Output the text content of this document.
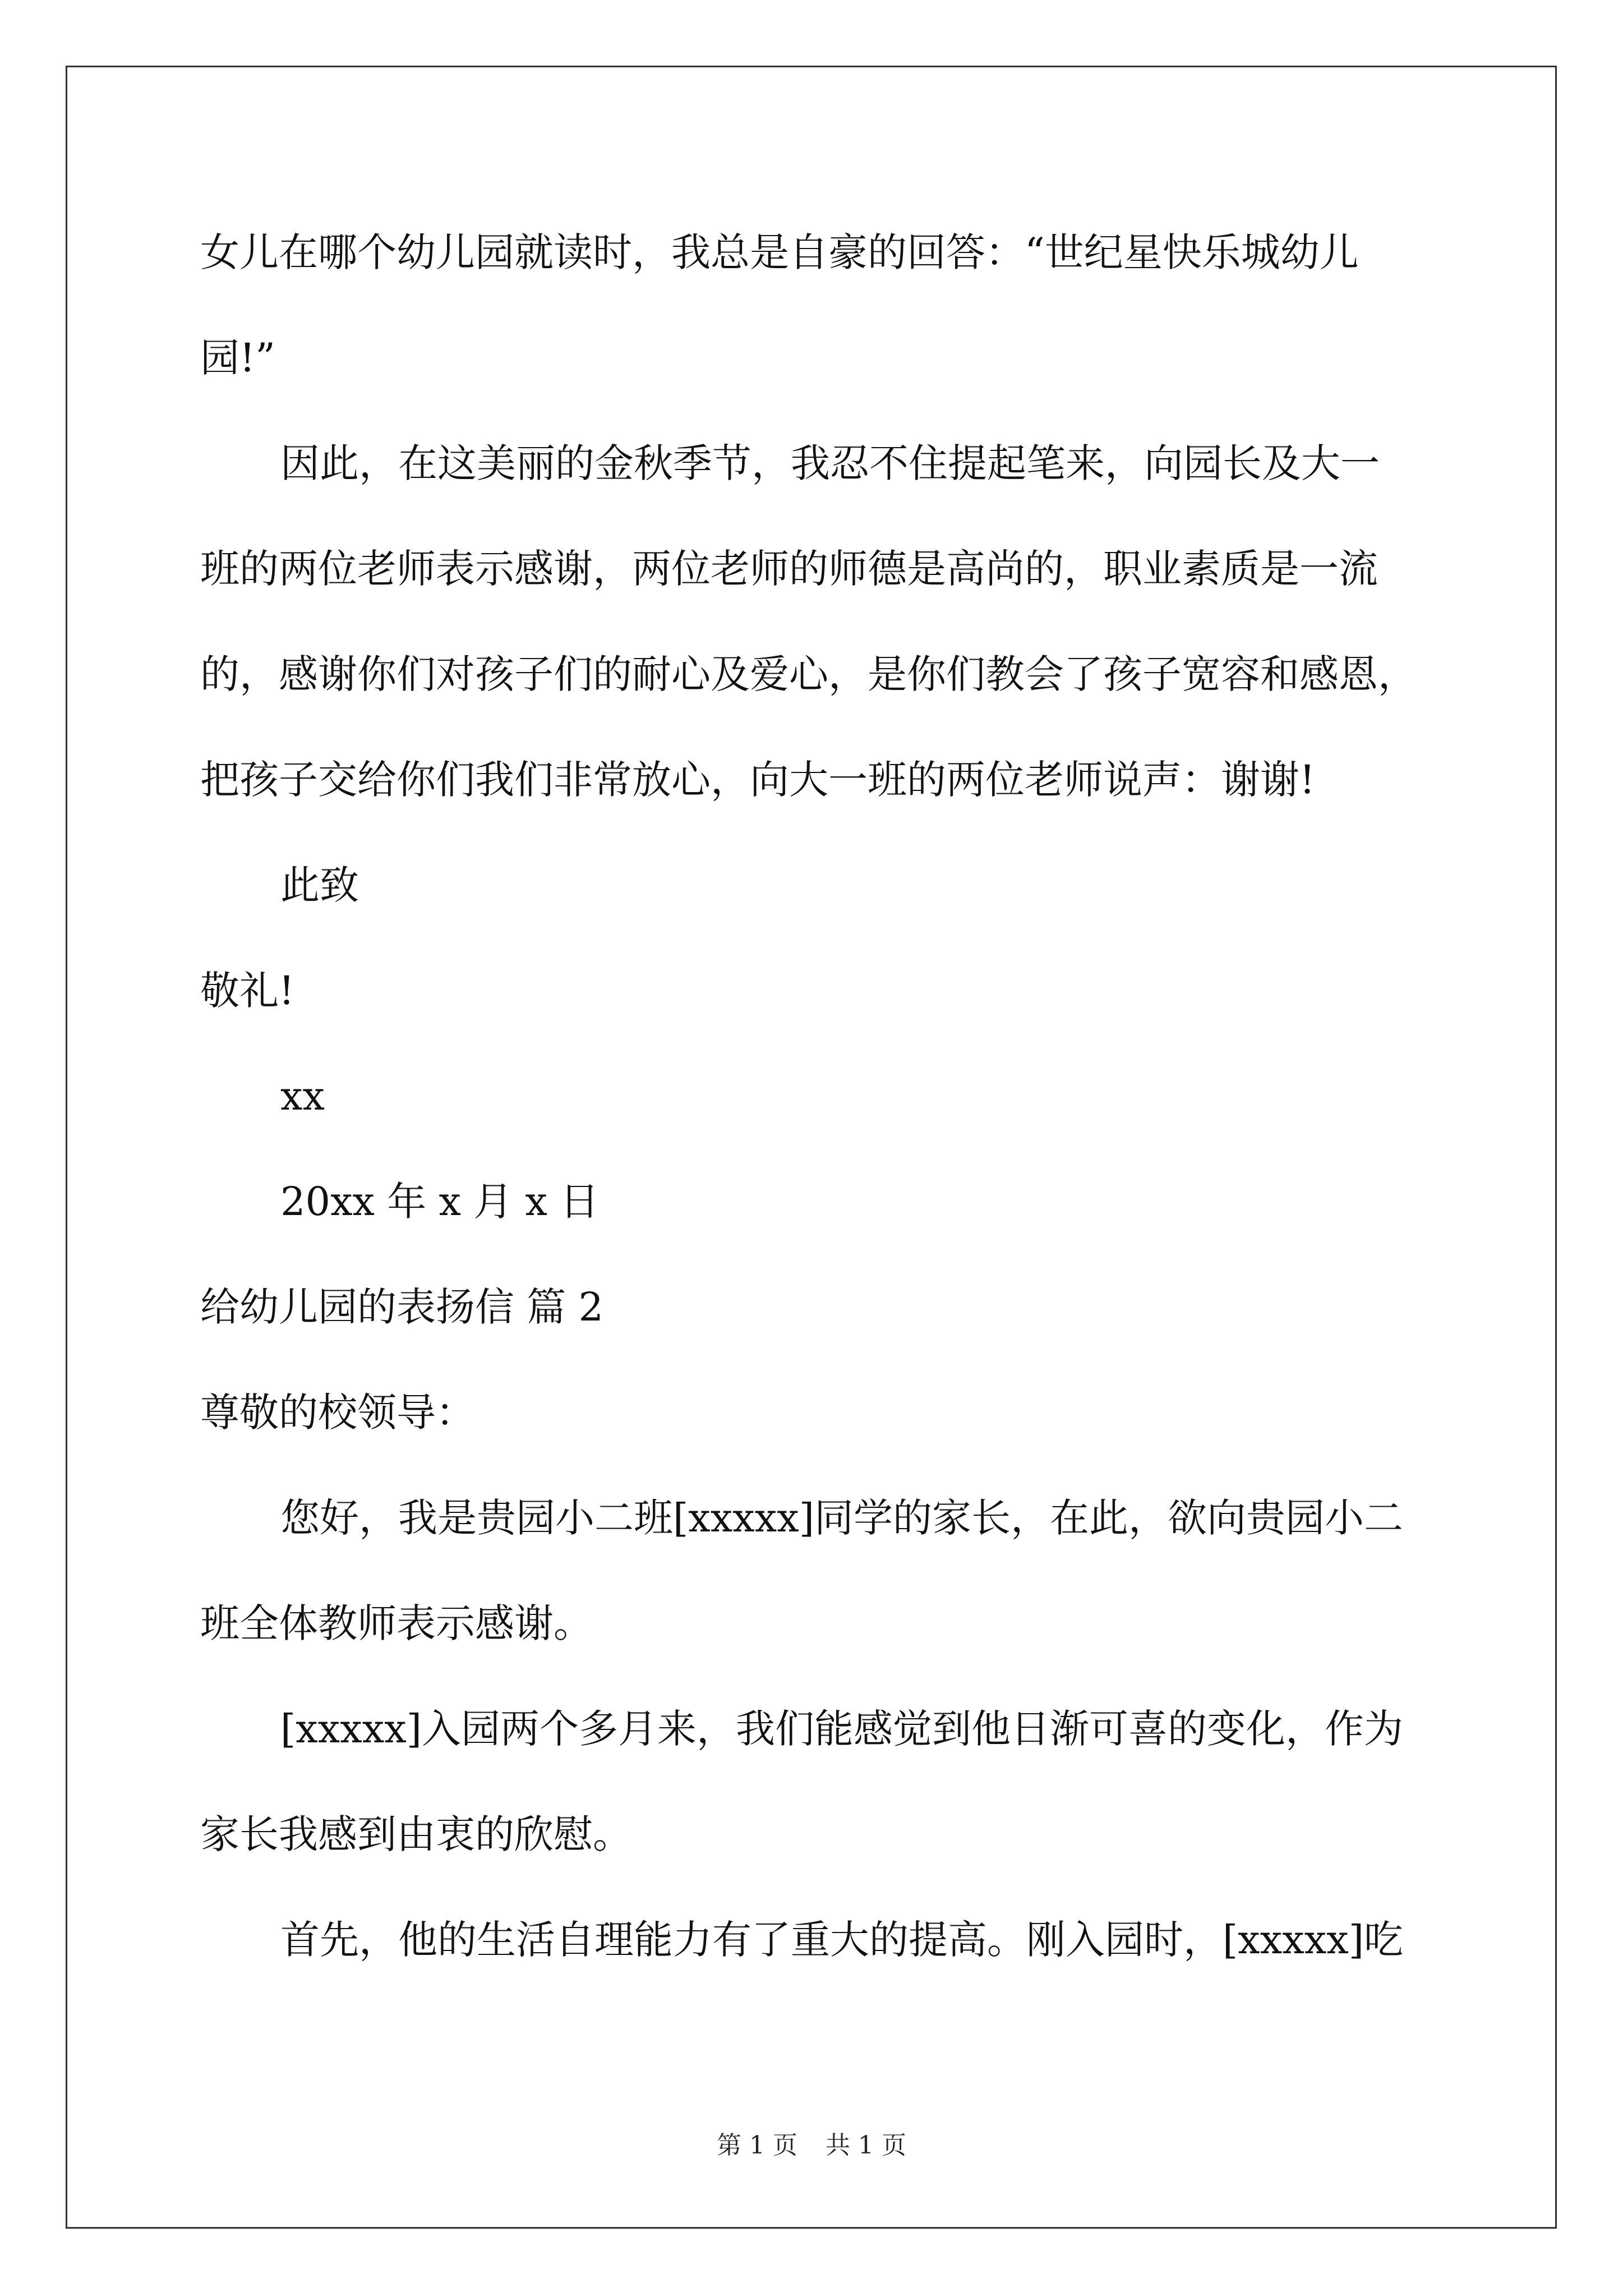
女儿在哪个幼儿园就读时，我总是自豪的回答：“世纪星快乐城幼儿
园!”
因此，在这美丽的金秋季节，我忍不住提起笔来，向园长及大一
班的两位老师表示感谢，两位老师的师德是高尚的，职业素质是一流
的，感谢你们对孩子们的耐心及爱心，是你们教会了孩子宽容和感恩，
把孩子交给你们我们非常放心，向大一班的两位老师说声：谢谢!
此致
敬礼!
xx
20xx 年 x 月 x 日
给幼儿园的表扬信 篇 2
尊敬的校领导：
您好，我是贵园小二班[xxxxx]同学的家长，在此，欲向贵园小二
班全体教师表示感谢。
[xxxxx]入园两个多月来，我们能感觉到他日渐可喜的变化，作为
家长我感到由衷的欣慰。
首先，他的生活自理能力有了重大的提高。刚入园时，[xxxxx]吃
第 1 页 共 1 页
